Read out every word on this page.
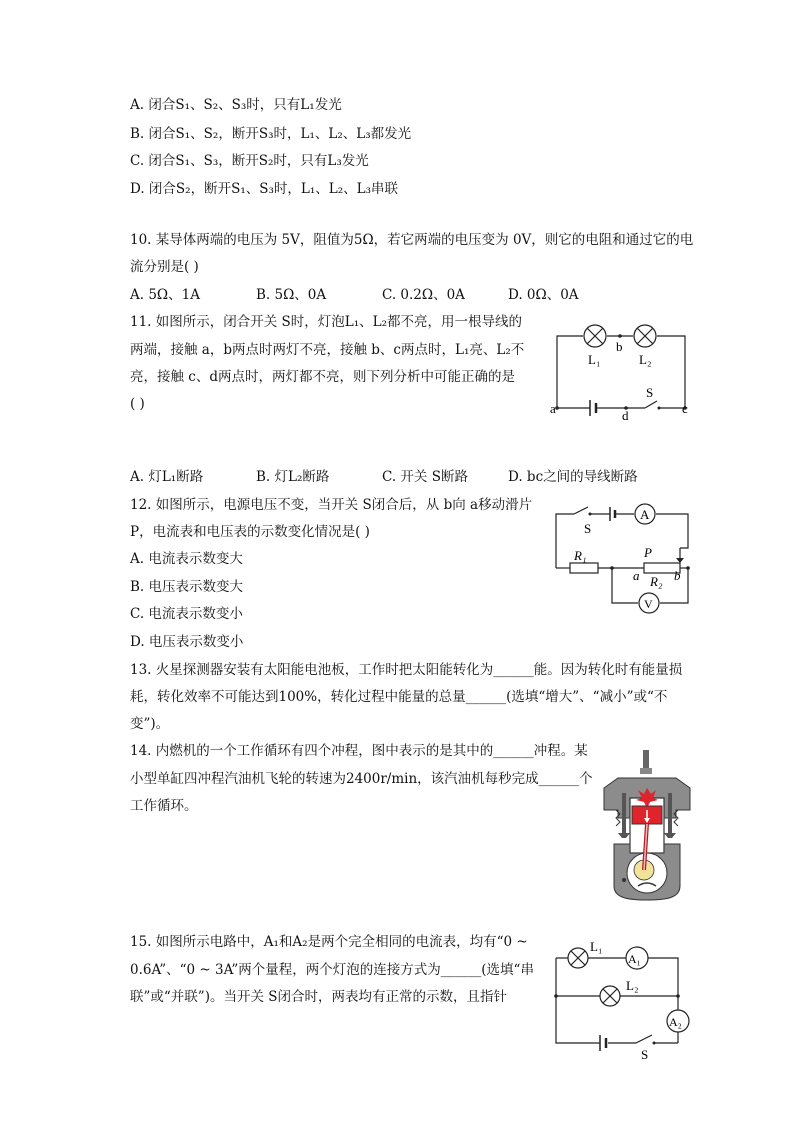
A. 闭合S₁、S₂、S₃时，只有L₁发光
B. 闭合S₁、S₂，断开S₃时，L₁、L₂、L₃都发光
C. 闭合S₁、S₃，断开S₂时，只有L₃发光
D. 闭合S₂，断开S₁、S₃时，L₁、L₂、L₃串联
10. 某导体两端的电压为 5V，阻值为5Ω，若它两端的电压变为 0V，则它的电阻和通过它的电
流分别是( )
A. 5Ω、1A	B. 5Ω、0A	C. 0.2Ω、0A	D. 0Ω、0A
11. 如图所示，闭合开关 S时，灯泡L₁、L₂都不亮，用一根导线的
两端，接触 a，b两点时两灯不亮，接触 b、c两点时，L₁亮、L₂不
亮，接触 c、d两点时，两灯都不亮，则下列分析中可能正确的是
( )
L₁
b
L₂
S
a	d	c
A. 灯L₁断路	B. 灯L₂断路	C. 开关 S断路	D. bc之间的导线断路
12. 如图所示，电源电压不变，当开关 S闭合后，从 b向 a移动滑片
P，电流表和电压表的示数变化情况是( )
A. 电流表示数变大
B. 电压表示数变大
C. 电流表示数变小
D. 电压表示数变小
A
V
S
R₁	P
a R₂ b
13. 火星探测器安装有太阳能电池板，工作时把太阳能转化为______能。因为转化时有能量损
耗，转化效率不可能达到100%，转化过程中能量的总量______(选填“增大”、“减小”或“不
变”)。
14. 内燃机的一个工作循环有四个冲程，图中表示的是其中的______冲程。某
小型单缸四冲程汽油机飞轮的转速为2400r/min，该汽油机每秒完成______个
工作循环。
15. 如图所示电路中，A₁和A₂是两个完全相同的电流表，均有“0 ~
0.6A”、“0 ~ 3A”两个量程，两个灯泡的连接方式为______(选填“串
联”或“并联”)。当开关 S闭合时，两表均有正常的示数，且指针
A₁
A₂
L₁
L₂
S
